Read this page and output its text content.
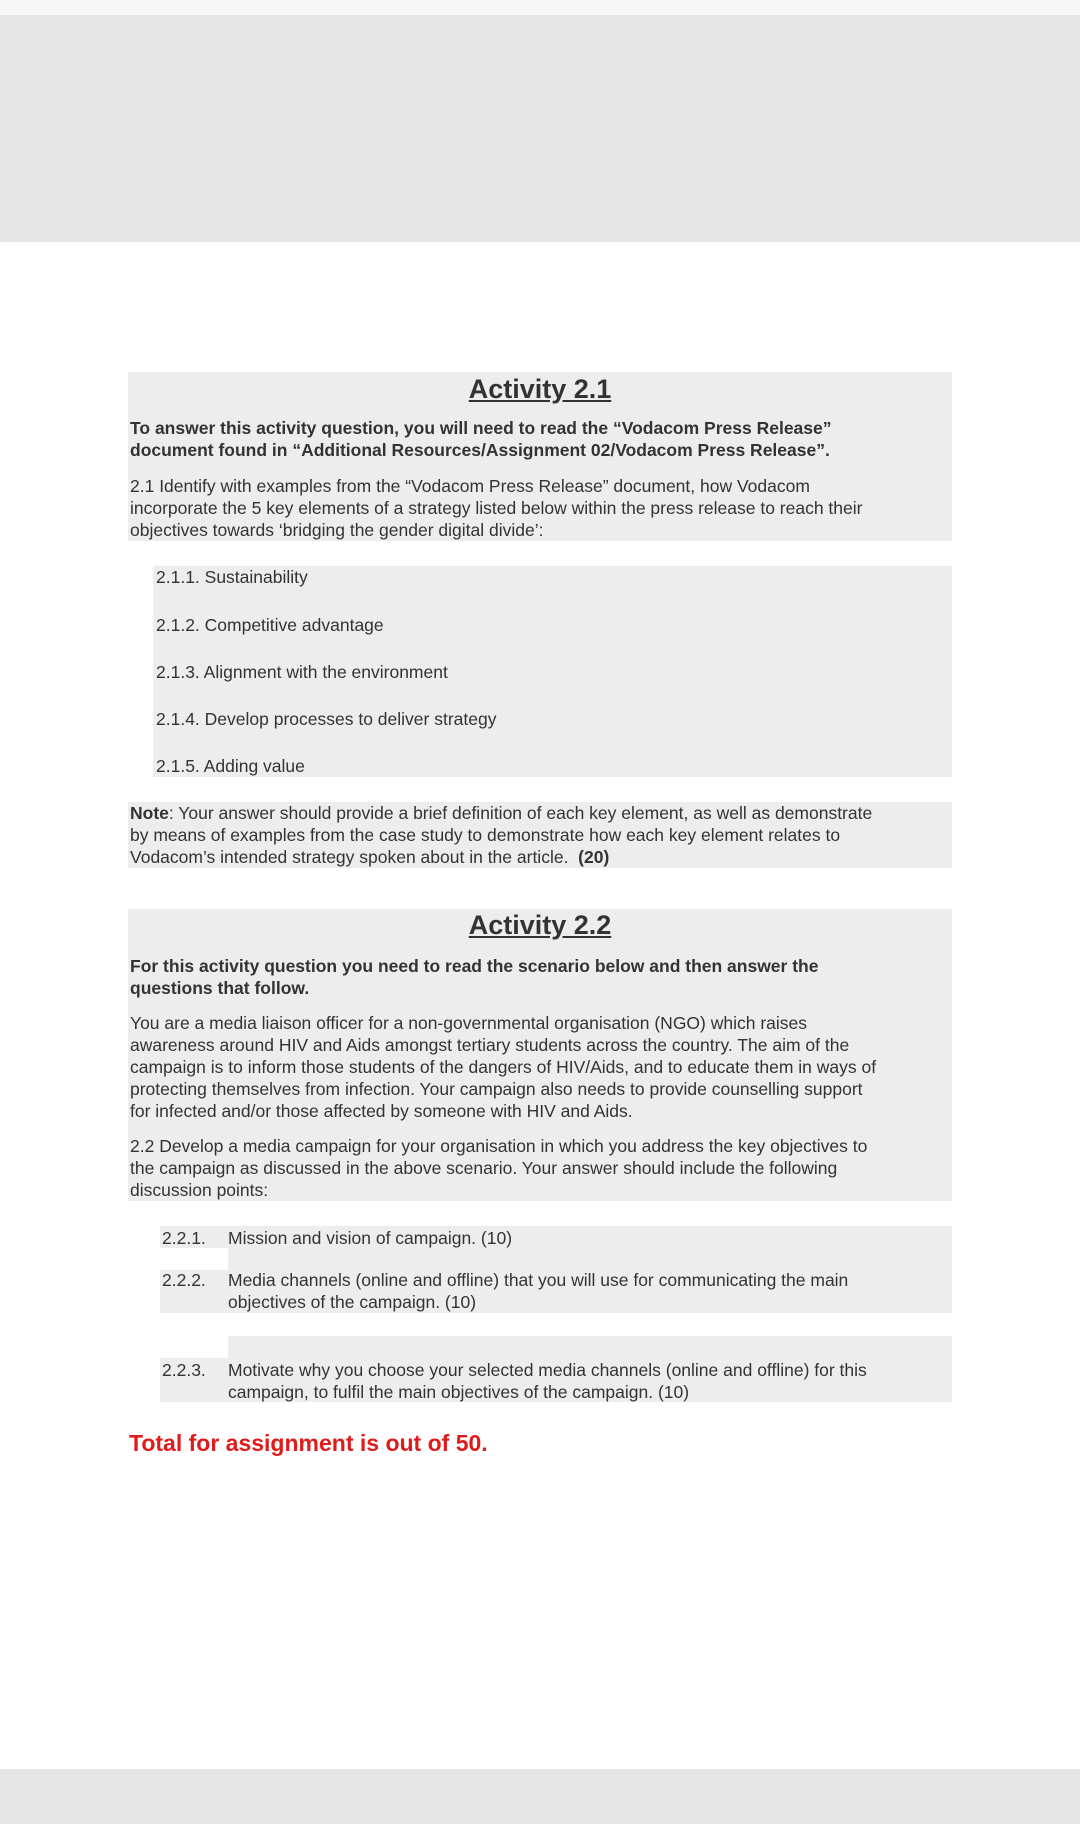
Activity 2.1
To answer this activity question, you will need to read the “Vodacom Press Release”
document found in “Additional Resources/Assignment 02/Vodacom Press Release”.
2.1 Identify with examples from the “Vodacom Press Release” document, how Vodacom
incorporate the 5 key elements of a strategy listed below within the press release to reach their
objectives towards ‘bridging the gender digital divide’:
2.1.1. Sustainability
2.1.2. Competitive advantage
2.1.3. Alignment with the environment
2.1.4. Develop processes to deliver strategy
2.1.5. Adding value
Note: Your answer should provide a brief definition of each key element, as well as demonstrate
by means of examples from the case study to demonstrate how each key element relates to
Vodacom’s intended strategy spoken about in the article.  (20)
Activity 2.2
For this activity question you need to read the scenario below and then answer the
questions that follow.
You are a media liaison officer for a non-governmental organisation (NGO) which raises
awareness around HIV and Aids amongst tertiary students across the country. The aim of the
campaign is to inform those students of the dangers of HIV/Aids, and to educate them in ways of
protecting themselves from infection. Your campaign also needs to provide counselling support
for infected and/or those affected by someone with HIV and Aids.
2.2 Develop a media campaign for your organisation in which you address the key objectives to
the campaign as discussed in the above scenario. Your answer should include the following
discussion points:
2.2.1. Mission and vision of campaign. (10)
2.2.2. Media channels (online and offline) that you will use for communicating the main
objectives of the campaign. (10)
2.2.3. Motivate why you choose your selected media channels (online and offline) for this
campaign, to fulfil the main objectives of the campaign. (10)
Total for assignment is out of 50.
